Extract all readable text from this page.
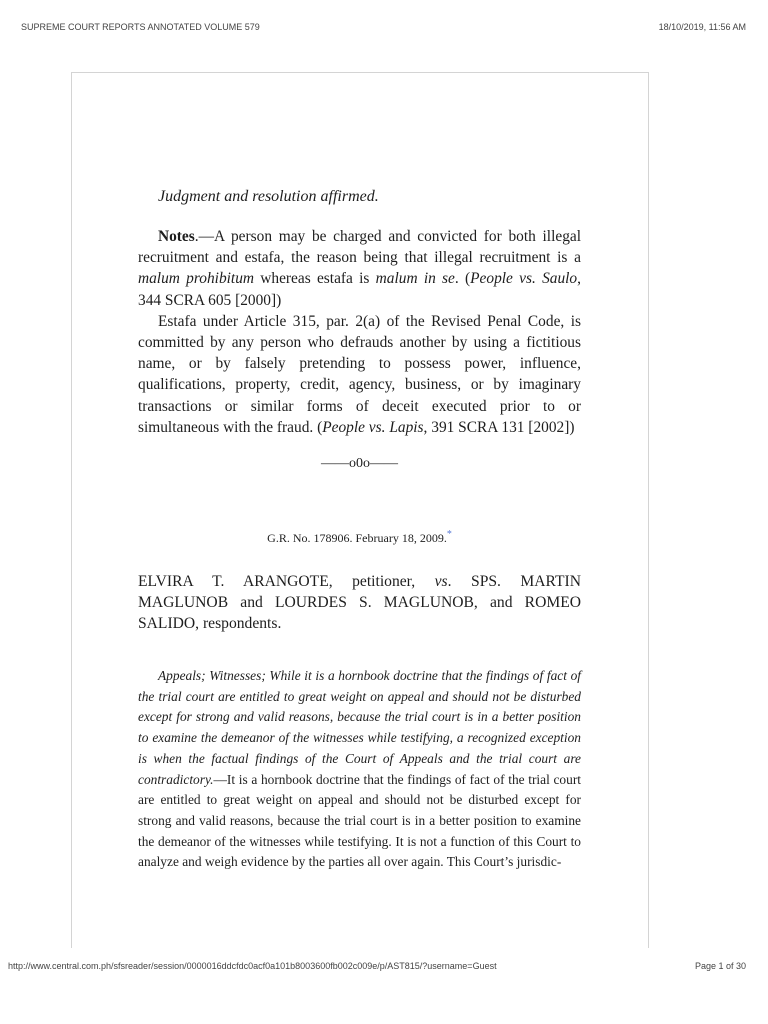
SUPREME COURT REPORTS ANNOTATED VOLUME 579	18/10/2019, 11:56 AM
Judgment and resolution affirmed.

Notes.—A person may be charged and convicted for both illegal recruitment and estafa, the reason being that illegal recruitment is a malum prohibitum whereas estafa is malum in se. (People vs. Saulo, 344 SCRA 605 [2000])

Estafa under Article 315, par. 2(a) of the Revised Penal Code, is committed by any person who defrauds another by using a fictitious name, or by falsely pretending to possess power, influence, qualifications, property, credit, agency, business, or by imaginary transactions or similar forms of deceit executed prior to or simultaneous with the fraud. (People vs. Lapis, 391 SCRA 131 [2002])

——o0o——
G.R. No. 178906. February 18, 2009.*

ELVIRA T. ARANGOTE, petitioner, vs. SPS. MARTIN MAGLUNOB and LOURDES S. MAGLUNOB, and ROMEO SALIDO, respondents.

Appeals; Witnesses; While it is a hornbook doctrine that the findings of fact of the trial court are entitled to great weight on appeal and should not be disturbed except for strong and valid reasons, because the trial court is in a better position to examine the demeanor of the witnesses while testifying, a recognized exception is when the factual findings of the Court of Appeals and the trial court are contradictory.—It is a hornbook doctrine that the findings of fact of the trial court are entitled to great weight on appeal and should not be disturbed except for strong and valid reasons, because the trial court is in a better position to examine the demeanor of the witnesses while testifying. It is not a function of this Court to analyze and weigh evidence by the parties all over again. This Court’s jurisdic-

http://www.central.com.ph/sfsreader/session/0000016ddcfdc0acf0a101b8003600fb002c009e/p/AST815/?username=Guest	Page 1 of 30
